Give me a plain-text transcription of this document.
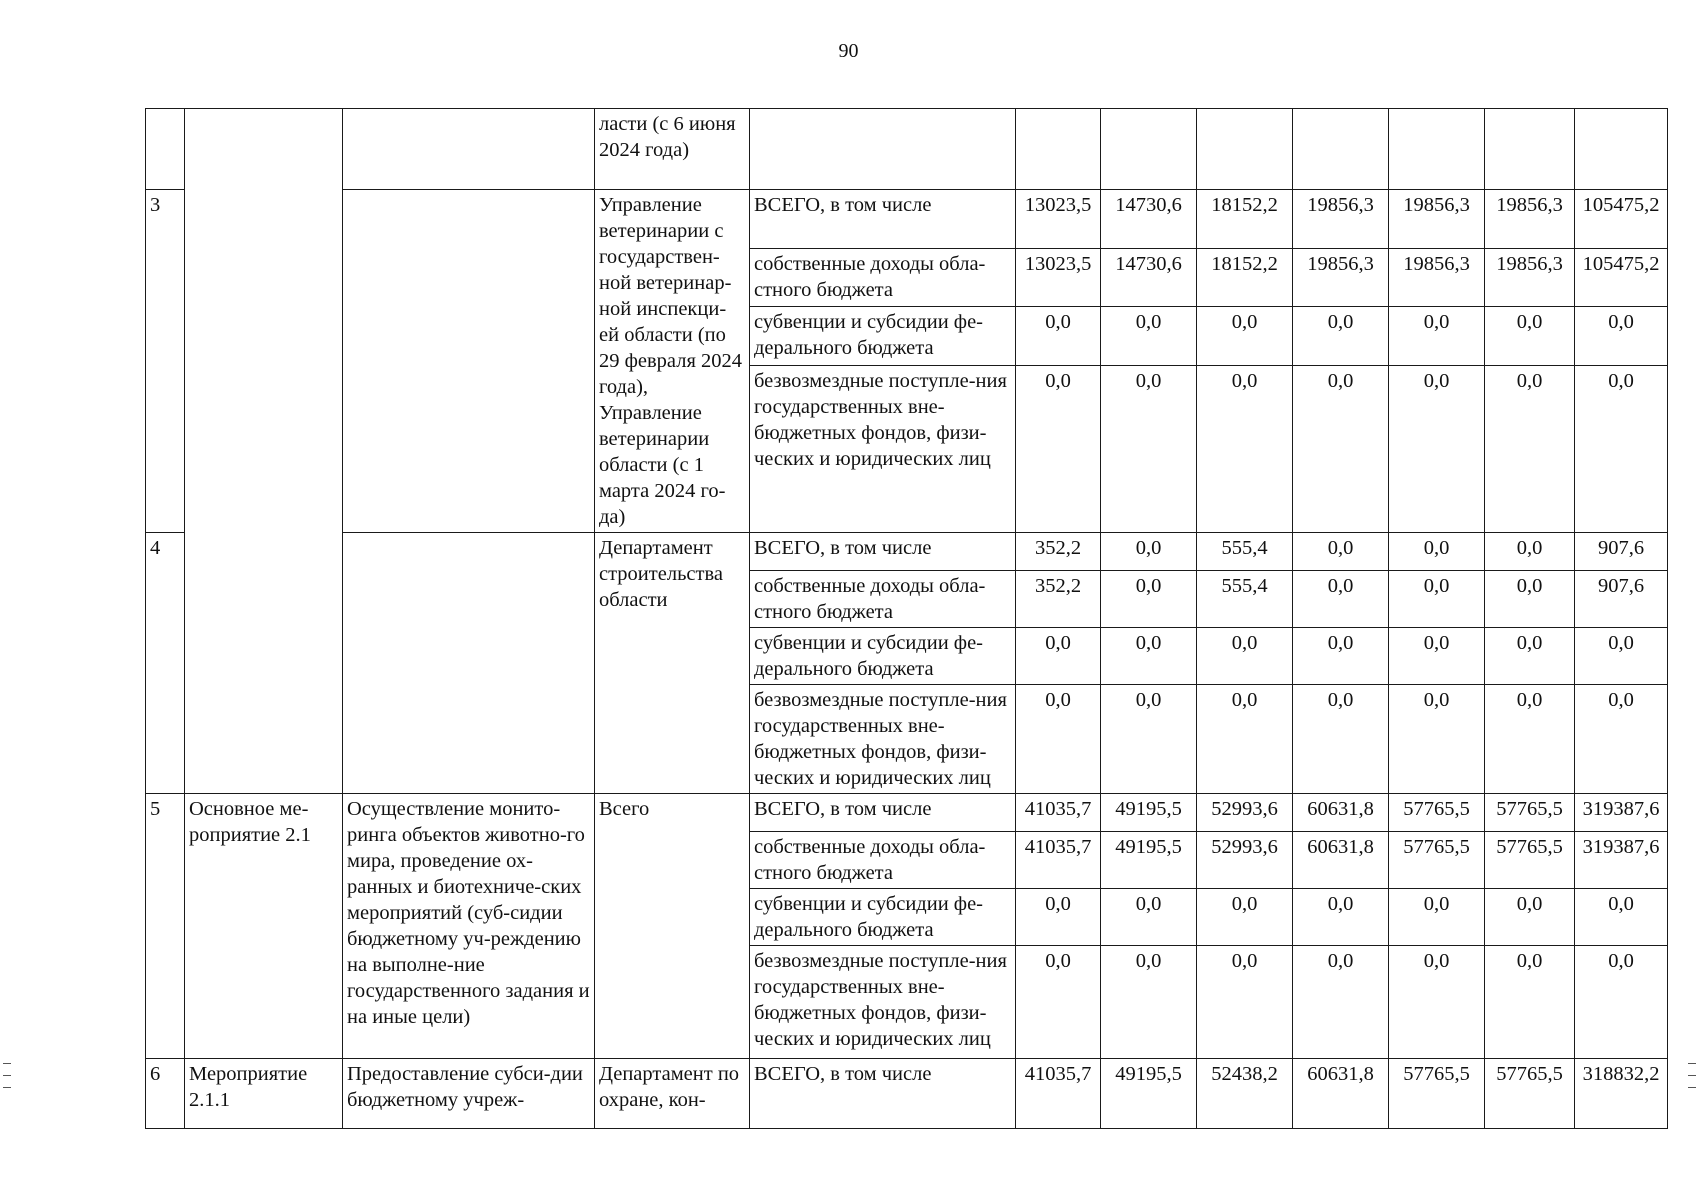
90
			ласти (с 6 июня 2024 года)								
3			Управление ветеринарии с государствен-ной ветеринар-ной инспекци-ей области (по 29 февраля 2024 года), Управление ветеринарии области (с 1 марта 2024 го-да)	ВСЕГО, в том числе	13023,5	14730,6	18152,2	19856,3	19856,3	19856,3	105475,2
				собственные доходы обла-стного бюджета	13023,5	14730,6	18152,2	19856,3	19856,3	19856,3	105475,2
				субвенции и субсидии фе-дерального бюджета	0,0	0,0	0,0	0,0	0,0	0,0	0,0
				безвозмездные поступле-ния государственных вне-бюджетных фондов, физи-ческих и юридических лиц	0,0	0,0	0,0	0,0	0,0	0,0	0,0
4			Департамент строительства области	ВСЕГО, в том числе	352,2	0,0	555,4	0,0	0,0	0,0	907,6
				собственные доходы обла-стного бюджета	352,2	0,0	555,4	0,0	0,0	0,0	907,6
				субвенции и субсидии фе-дерального бюджета	0,0	0,0	0,0	0,0	0,0	0,0	0,0
				безвозмездные поступле-ния государственных вне-бюджетных фондов, физи-ческих и юридических лиц	0,0	0,0	0,0	0,0	0,0	0,0	0,0
5	Основное ме-роприятие 2.1	Осуществление монито-ринга объектов животно-го мира, проведение ох-ранных и биотехниче-ских мероприятий (суб-сидии бюджетному уч-реждению на выполне-ние государственного задания и на иные цели)	Всего	ВСЕГО, в том числе	41035,7	49195,5	52993,6	60631,8	57765,5	57765,5	319387,6
				собственные доходы обла-стного бюджета	41035,7	49195,5	52993,6	60631,8	57765,5	57765,5	319387,6
				субвенции и субсидии фе-дерального бюджета	0,0	0,0	0,0	0,0	0,0	0,0	0,0
				безвозмездные поступле-ния государственных вне-бюджетных фондов, физи-ческих и юридических лиц	0,0	0,0	0,0	0,0	0,0	0,0	0,0
6	Мероприятие 2.1.1	Предоставление субси-дии бюджетному учреж-	Департамент по охране, кон-	ВСЕГО, в том числе	41035,7	49195,5	52438,2	60631,8	57765,5	57765,5	318832,2
